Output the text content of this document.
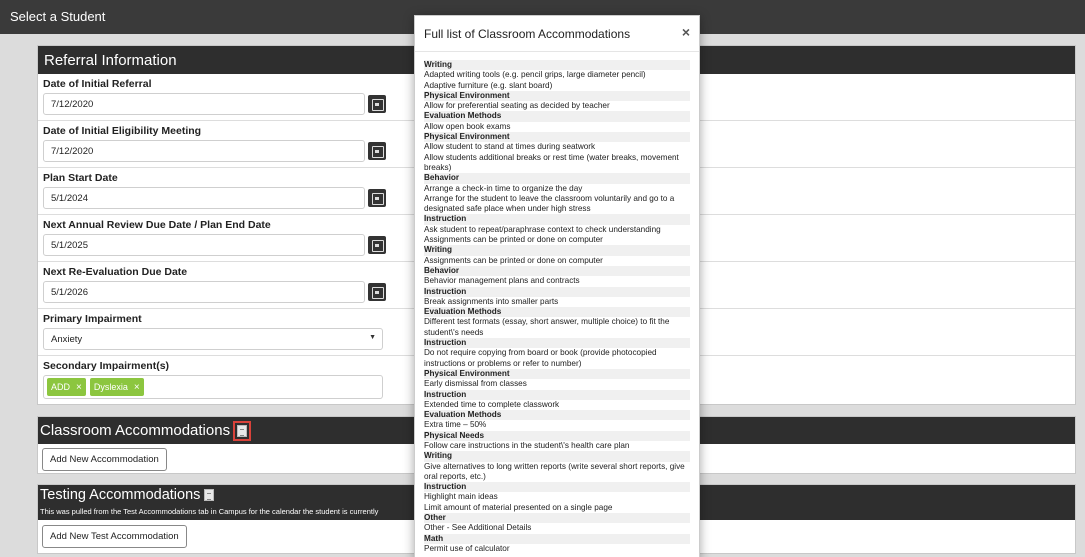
Select a Student
Referral Information
Date of Initial Referral
7/12/2020
Date of Initial Eligibility Meeting
7/12/2020
Plan Start Date
5/1/2024
Next Annual Review Due Date / Plan End Date
5/1/2025
Next Re-Evaluation Due Date
5/1/2026
Primary Impairment
Anxiety	▼
Secondary Impairment(s)
ADD × Dyslexia ×
Classroom Accommodations
Add New Accommodation
Testing Accommodations
This was pulled from the Test Accommodations tab in Campus for the calendar the student is currently
Add New Test Accommodation
Full list of Classroom Accommodations	×
Writing
Adapted writing tools (e.g. pencil grips, large diameter pencil)
Adaptive furniture (e.g. slant board)
Physical Environment
Allow for preferential seating as decided by teacher
Evaluation Methods
Allow open book exams
Physical Environment
Allow student to stand at times during seatwork
Allow students additional breaks or rest time (water breaks, movement breaks)
Behavior
Arrange a check-in time to organize the day
Arrange for the student to leave the classroom voluntarily and go to a designated safe place when under high stress
Instruction
Ask student to repeat/paraphrase context to check understanding
Assignments can be printed or done on computer
Writing
Assignments can be printed or done on computer
Behavior
Behavior management plans and contracts
Instruction
Break assignments into smaller parts
Evaluation Methods
Different test formats (essay, short answer, multiple choice) to fit the student\'s needs
Instruction
Do not require copying from board or book (provide photocopied instructions or problems or refer to number)
Physical Environment
Early dismissal from classes
Instruction
Extended time to complete classwork
Evaluation Methods
Extra time – 50%
Physical Needs
Follow care instructions in the student\'s health care plan
Writing
Give alternatives to long written reports (write several short reports, give oral reports, etc.)
Instruction
Highlight main ideas
Limit amount of material presented on a single page
Other
Other - See Additional Details
Math
Permit use of calculator
